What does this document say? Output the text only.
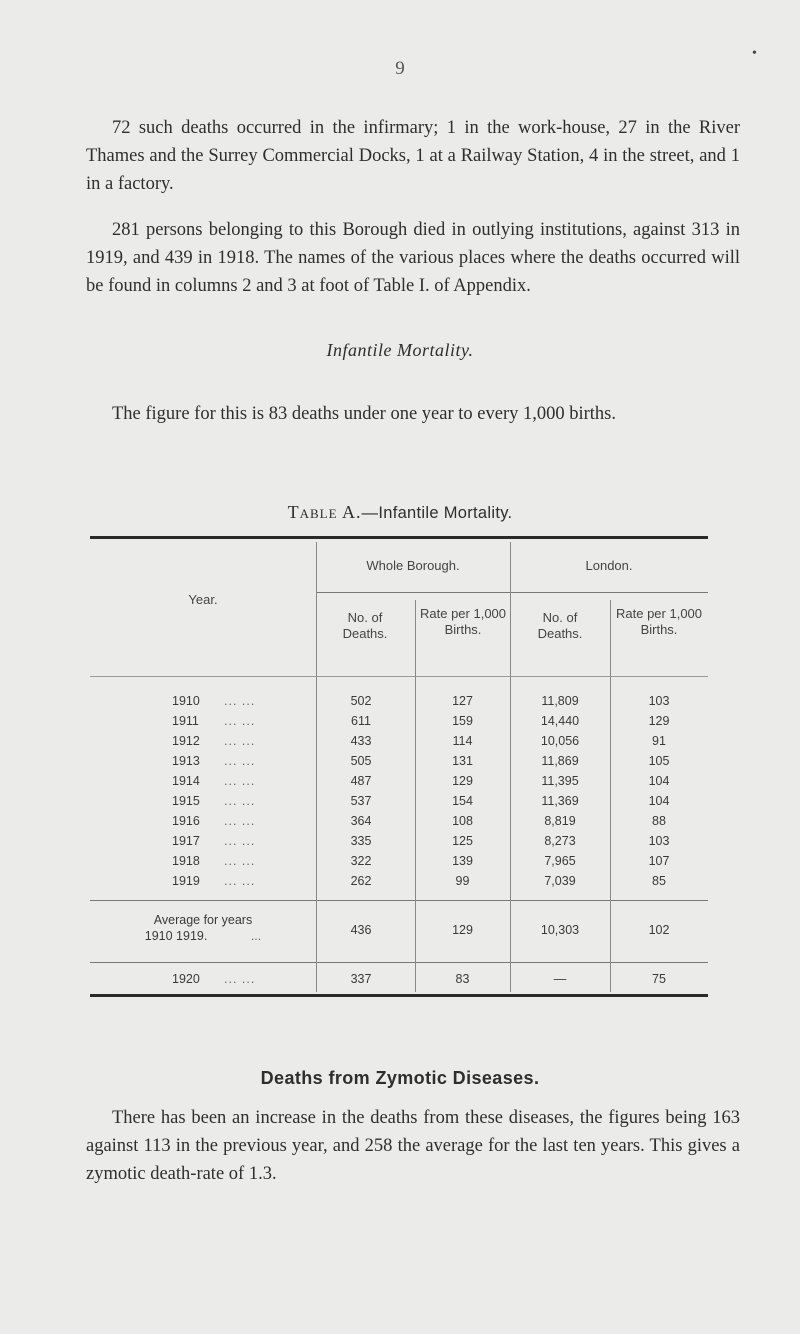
9
•

72 such deaths occurred in the infirmary; 1 in the work-house, 27 in the River Thames and the Surrey Commercial Docks, 1 at a Railway Station, 4 in the street, and 1 in a factory.

281 persons belonging to this Borough died in outlying institutions, against 313 in 1919, and 439 in 1918. The names of the various places where the deaths occurred will be found in columns 2 and 3 at foot of Table I. of Appendix.

Infantile Mortality.

The figure for this is 83 deaths under one year to every 1,000 births.

Table A.—Infantile Mortality.
Year.
Whole Borough.	London.
No. of Deaths.
Rate per 1,000 Births.
No. of Deaths.
Rate per 1,000 Births.
1910 ... ...	502	127	11,809	103
1911 ... ...	611	159	14,440	129
1912 ... ...	433	114	10,056	91
1913 ... ...	505	131	11,869	105
1914 ... ...	487	129	11,395	104
1915 ... ...	537	154	11,369	104
1916 ... ...	364	108	8,819	88
1917 ... ...	335	125	8,273	103
1918 ... ...	322	139	7,965	107
1919 ... ...	262	99	7,039	85
Average for years
1910 1919.	...	436	129	10,303	102
1920 ... ...	337	83	—	75
Deaths from Zymotic Diseases.

There has been an increase in the deaths from these diseases, the figures being 163 against 113 in the previous year, and 258 the average for the last ten years. This gives a zymotic death-rate of 1.3.
